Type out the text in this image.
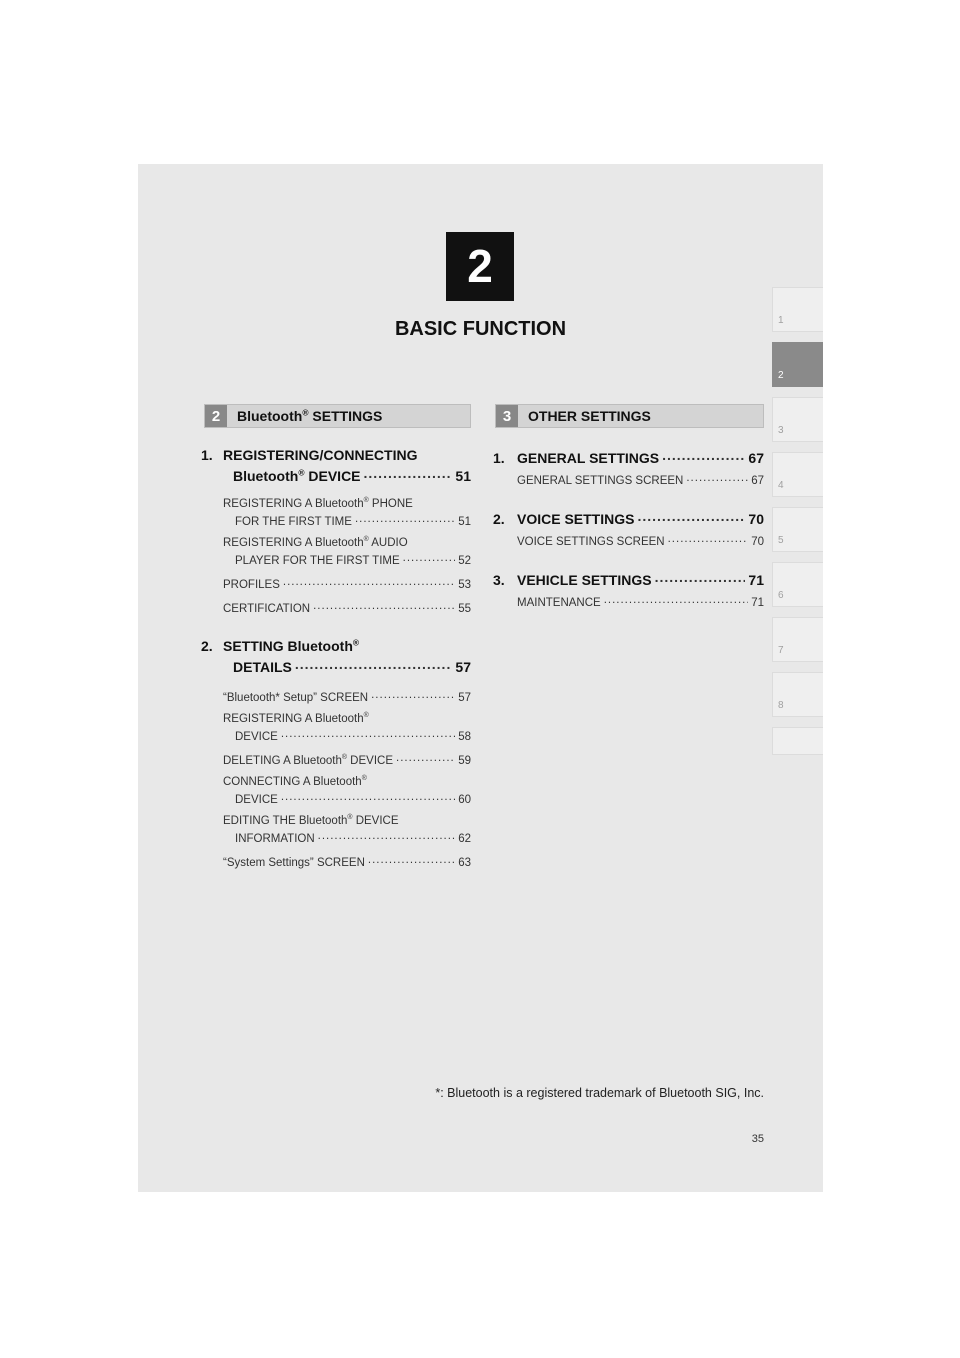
2
BASIC FUNCTION	1
2
3
4
5
6
7
8
2	Bluetooth® SETTINGS	3	OTHER SETTINGS
1. REGISTERING/CONNECTING
Bluetooth® DEVICE .....	51
REGISTERING A Bluetooth® PHONE
FOR THE FIRST TIME .....	51
REGISTERING A Bluetooth® AUDIO
PLAYER FOR THE FIRST TIME .....	52
PROFILES .....	53
CERTIFICATION .....	55
2. SETTING Bluetooth®
DETAILS .....	57
“Bluetooth* Setup” SCREEN .....	57
REGISTERING A Bluetooth®
DEVICE .....	58
DELETING A Bluetooth® DEVICE .....	59
CONNECTING A Bluetooth®
DEVICE .....	60
EDITING THE Bluetooth® DEVICE
INFORMATION .....	62
“System Settings” SCREEN .....	63
1. GENERAL SETTINGS .....	67
GENERAL SETTINGS SCREEN .....	67
2. VOICE SETTINGS .....	70
VOICE SETTINGS SCREEN .....	70
3. VEHICLE SETTINGS .....	71
MAINTENANCE .....	71
*: Bluetooth is a registered trademark of Bluetooth SIG, Inc.
35
